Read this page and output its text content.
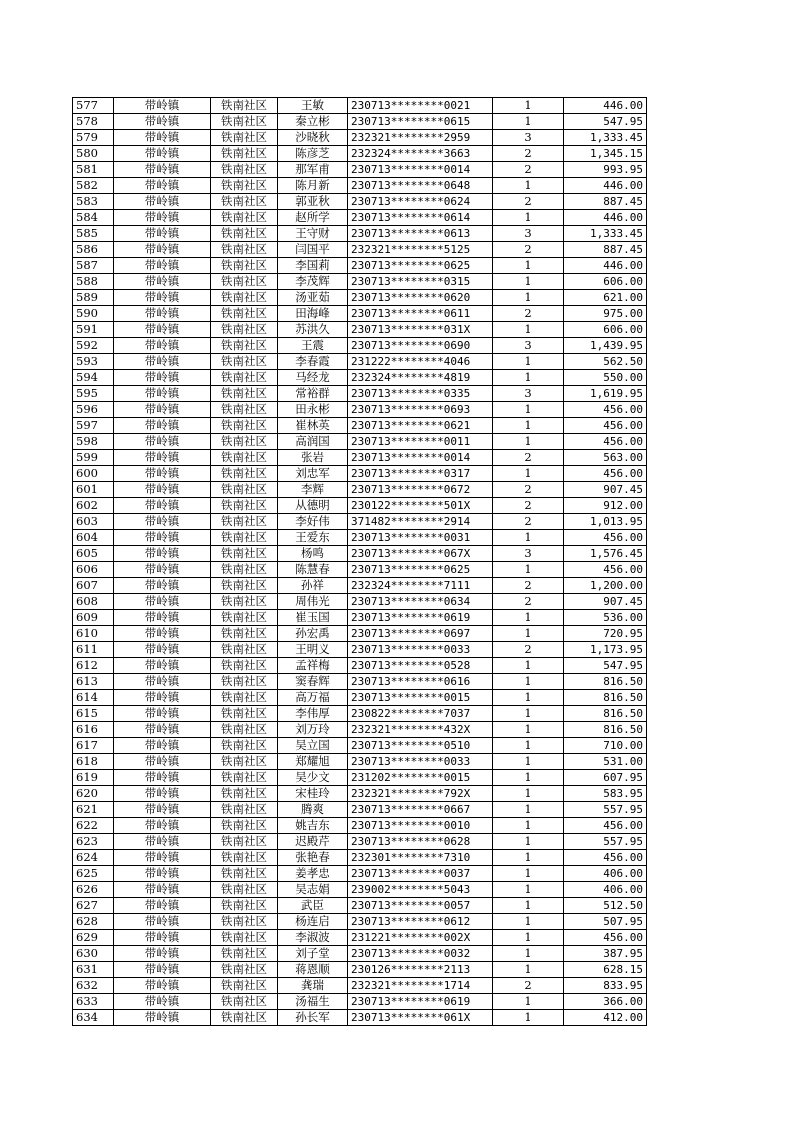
577	带岭镇	铁南社区	王敏	230713********0021	1	446.00
578	带岭镇	铁南社区	秦立彬	230713********0615	1	547.95
579	带岭镇	铁南社区	沙晓秋	232321********2959	3	1,333.45
580	带岭镇	铁南社区	陈彦芝	232324********3663	2	1,345.15
581	带岭镇	铁南社区	那军甫	230713********0014	2	993.95
582	带岭镇	铁南社区	陈月新	230713********0648	1	446.00
583	带岭镇	铁南社区	郭亚秋	230713********0624	2	887.45
584	带岭镇	铁南社区	赵所学	230713********0614	1	446.00
585	带岭镇	铁南社区	王守财	230713********0613	3	1,333.45
586	带岭镇	铁南社区	闫国平	232321********5125	2	887.45
587	带岭镇	铁南社区	李国莉	230713********0625	1	446.00
588	带岭镇	铁南社区	李茂辉	230713********0315	1	606.00
589	带岭镇	铁南社区	汤亚茹	230713********0620	1	621.00
590	带岭镇	铁南社区	田海峰	230713********0611	2	975.00
591	带岭镇	铁南社区	苏洪久	230713********031X	1	606.00
592	带岭镇	铁南社区	王震	230713********0690	3	1,439.95
593	带岭镇	铁南社区	李春霞	231222********4046	1	562.50
594	带岭镇	铁南社区	马经龙	232324********4819	1	550.00
595	带岭镇	铁南社区	常裕群	230713********0335	3	1,619.95
596	带岭镇	铁南社区	田永彬	230713********0693	1	456.00
597	带岭镇	铁南社区	崔林英	230713********0621	1	456.00
598	带岭镇	铁南社区	高润国	230713********0011	1	456.00
599	带岭镇	铁南社区	张岩	230713********0014	2	563.00
600	带岭镇	铁南社区	刘忠军	230713********0317	1	456.00
601	带岭镇	铁南社区	李辉	230713********0672	2	907.45
602	带岭镇	铁南社区	从德明	230122********501X	2	912.00
603	带岭镇	铁南社区	李好伟	371482********2914	2	1,013.95
604	带岭镇	铁南社区	王爱东	230713********0031	1	456.00
605	带岭镇	铁南社区	杨鸣	230713********067X	3	1,576.45
606	带岭镇	铁南社区	陈慧春	230713********0625	1	456.00
607	带岭镇	铁南社区	孙祥	232324********7111	2	1,200.00
608	带岭镇	铁南社区	周伟光	230713********0634	2	907.45
609	带岭镇	铁南社区	崔玉国	230713********0619	1	536.00
610	带岭镇	铁南社区	孙宏禹	230713********0697	1	720.95
611	带岭镇	铁南社区	王明义	230713********0033	2	1,173.95
612	带岭镇	铁南社区	孟祥梅	230713********0528	1	547.95
613	带岭镇	铁南社区	窦春辉	230713********0616	1	816.50
614	带岭镇	铁南社区	高万福	230713********0015	1	816.50
615	带岭镇	铁南社区	李伟厚	230822********7037	1	816.50
616	带岭镇	铁南社区	刘万玲	232321********432X	1	816.50
617	带岭镇	铁南社区	吴立国	230713********0510	1	710.00
618	带岭镇	铁南社区	郑耀旭	230713********0033	1	531.00
619	带岭镇	铁南社区	吴少文	231202********0015	1	607.95
620	带岭镇	铁南社区	宋桂玲	232321********792X	1	583.95
621	带岭镇	铁南社区	腾爽	230713********0667	1	557.95
622	带岭镇	铁南社区	姚吉东	230713********0010	1	456.00
623	带岭镇	铁南社区	迟殿芹	230713********0628	1	557.95
624	带岭镇	铁南社区	张艳春	232301********7310	1	456.00
625	带岭镇	铁南社区	姜孝忠	230713********0037	1	406.00
626	带岭镇	铁南社区	吴志娟	239002********5043	1	406.00
627	带岭镇	铁南社区	武臣	230713********0057	1	512.50
628	带岭镇	铁南社区	杨连启	230713********0612	1	507.95
629	带岭镇	铁南社区	李淑波	231221********002X	1	456.00
630	带岭镇	铁南社区	刘子堂	230713********0032	1	387.95
631	带岭镇	铁南社区	蒋恩顺	230126********2113	1	628.15
632	带岭镇	铁南社区	龚瑞	232321********1714	2	833.95
633	带岭镇	铁南社区	汤福生	230713********0619	1	366.00
634	带岭镇	铁南社区	孙长军	230713********061X	1	412.00
